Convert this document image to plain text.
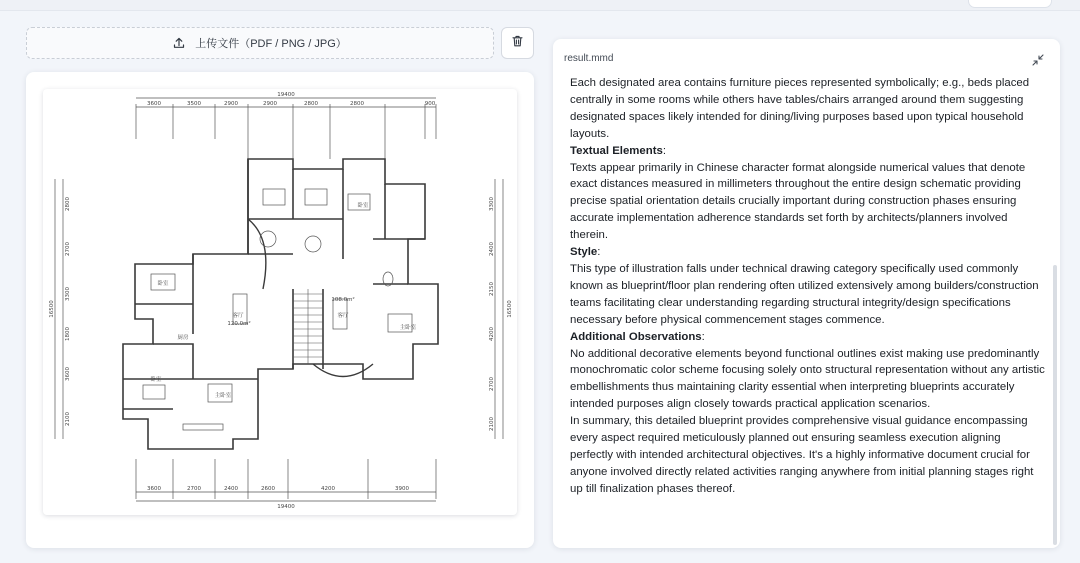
上传文件（PDF / PNG / JPG）
3600	3500	2900	2900	2800	2800	900
19400
3600	2700	2400	2600	4200	3900
19400
2800
2700
3300
1800
3600
2100
16500
3300
2400
2150
4200
2700
2100
16500
卧室
卧室
卧室
客厅	客厅
主卧室
主卧室
厨房
120.0m²
108.0m²
result.mmd

Each designated area contains furniture pieces represented symbolically; e.g., beds placed centrally in some rooms while others have tables/chairs arranged around them suggesting designated spaces likely intended for dining/living purposes based upon typical household layouts.

Textual Elements:

Texts appear primarily in Chinese character format alongside numerical values that denote exact distances measured in millimeters throughout the entire design schematic providing precise spatial orientation details crucially important during construction phases ensuring accurate implementation adherence standards set forth by architects/planners involved therein.

Style:

This type of illustration falls under technical drawing category specifically used commonly known as blueprint/floor plan rendering often utilized extensively among builders/construction teams facilitating clear understanding regarding structural integrity/design specifications necessary before physical commencement stages commence.

Additional Observations:

No additional decorative elements beyond functional outlines exist making use predominantly monochromatic color scheme focusing solely onto structural representation without any artistic embellishments thus maintaining clarity essential when interpreting blueprints accurately intended purposes align closely towards practical application scenarios.

In summary, this detailed blueprint provides comprehensive visual guidance encompassing every aspect required meticulously planned out ensuring seamless execution aligning perfectly with intended architectural objectives. It's a highly informative document crucial for anyone involved directly related activities ranging anywhere from initial planning stages right up till finalization phases thereof.
